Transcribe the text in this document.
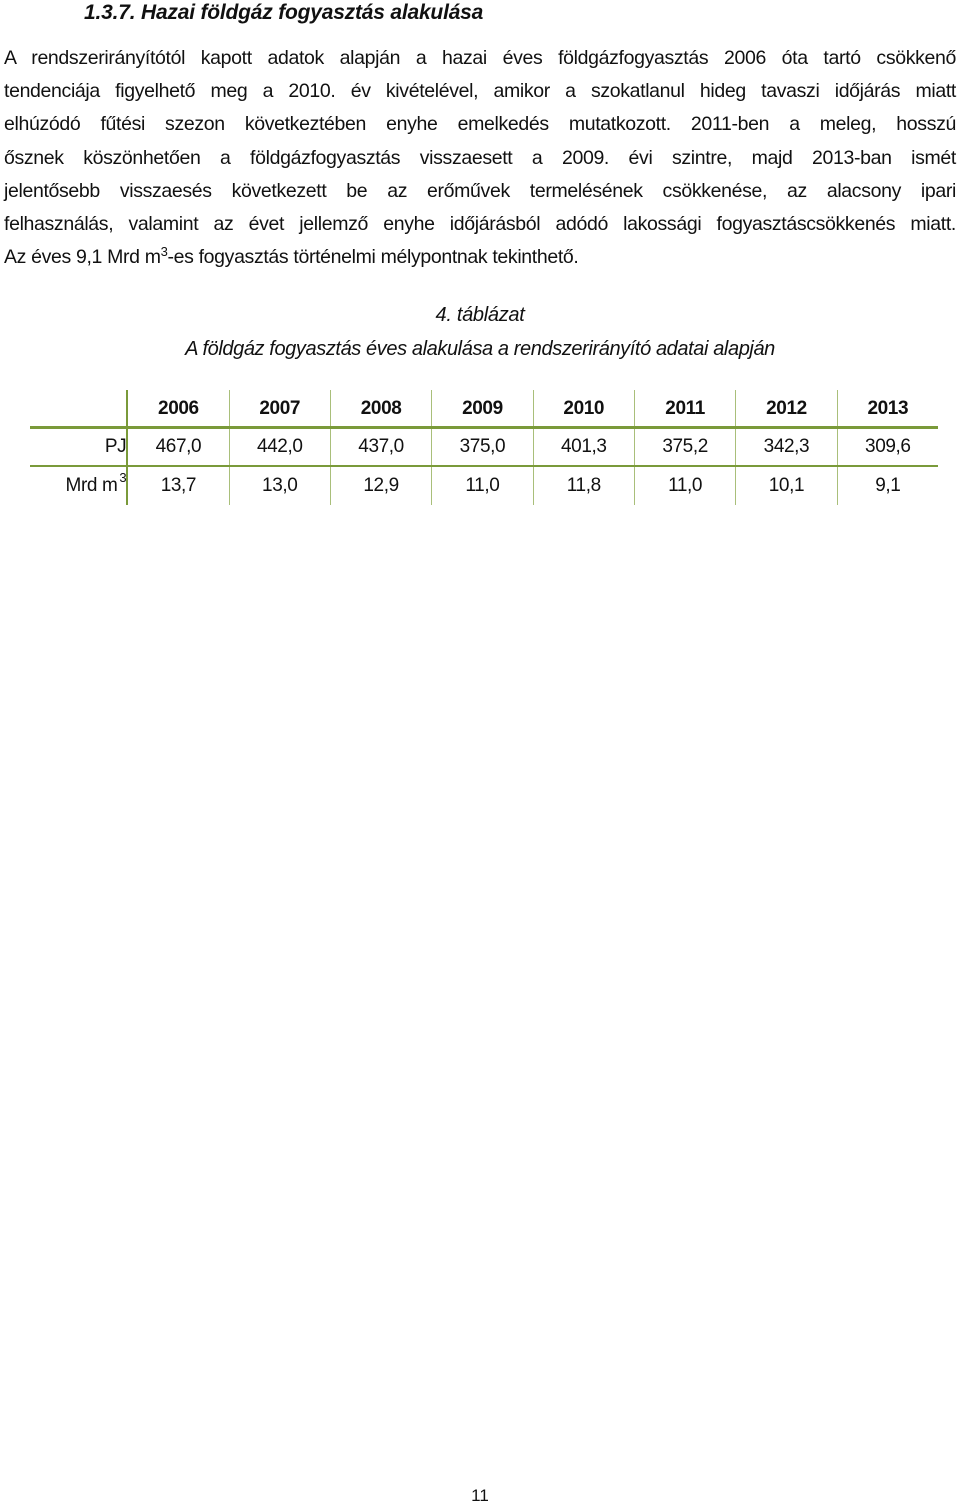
1.3.7. Hazai földgáz fogyasztás alakulása

A rendszerirányítótól kapott adatok alapján a hazai éves földgázfogyasztás 2006 óta tartó csökkenő
tendenciája figyelhető meg a 2010. év kivételével, amikor a szokatlanul hideg tavaszi időjárás miatt
elhúzódó fűtési szezon következtében enyhe emelkedés mutatkozott. 2011-ben a meleg, hosszú
ősznek köszönhetően a földgázfogyasztás visszaesett a 2009. évi szintre, majd 2013-ban ismét
jelentősebb visszaesés következett be az erőművek termelésének csökkenése, az alacsony ipari
felhasználás, valamint az évet jellemző enyhe időjárásból adódó lakossági fogyasztáscsökkenés miatt.
Az éves 9,1 Mrd $m^3-es$ fogyasztás történelmi mélypontnak tekinthető.

4. táblázat
A földgáz fogyasztás éves alakulása a rendszerirányító adatai alapján
	2006	2007	2008	2009	2010	2011	2012	2013
PJ	467,0	442,0	437,0	375,0	401,3	375,2	342,3	309,6
Mrd m $^3$	13,7	13,0	12,9	11,0	11,8	11,0	10,1	9,1
11
